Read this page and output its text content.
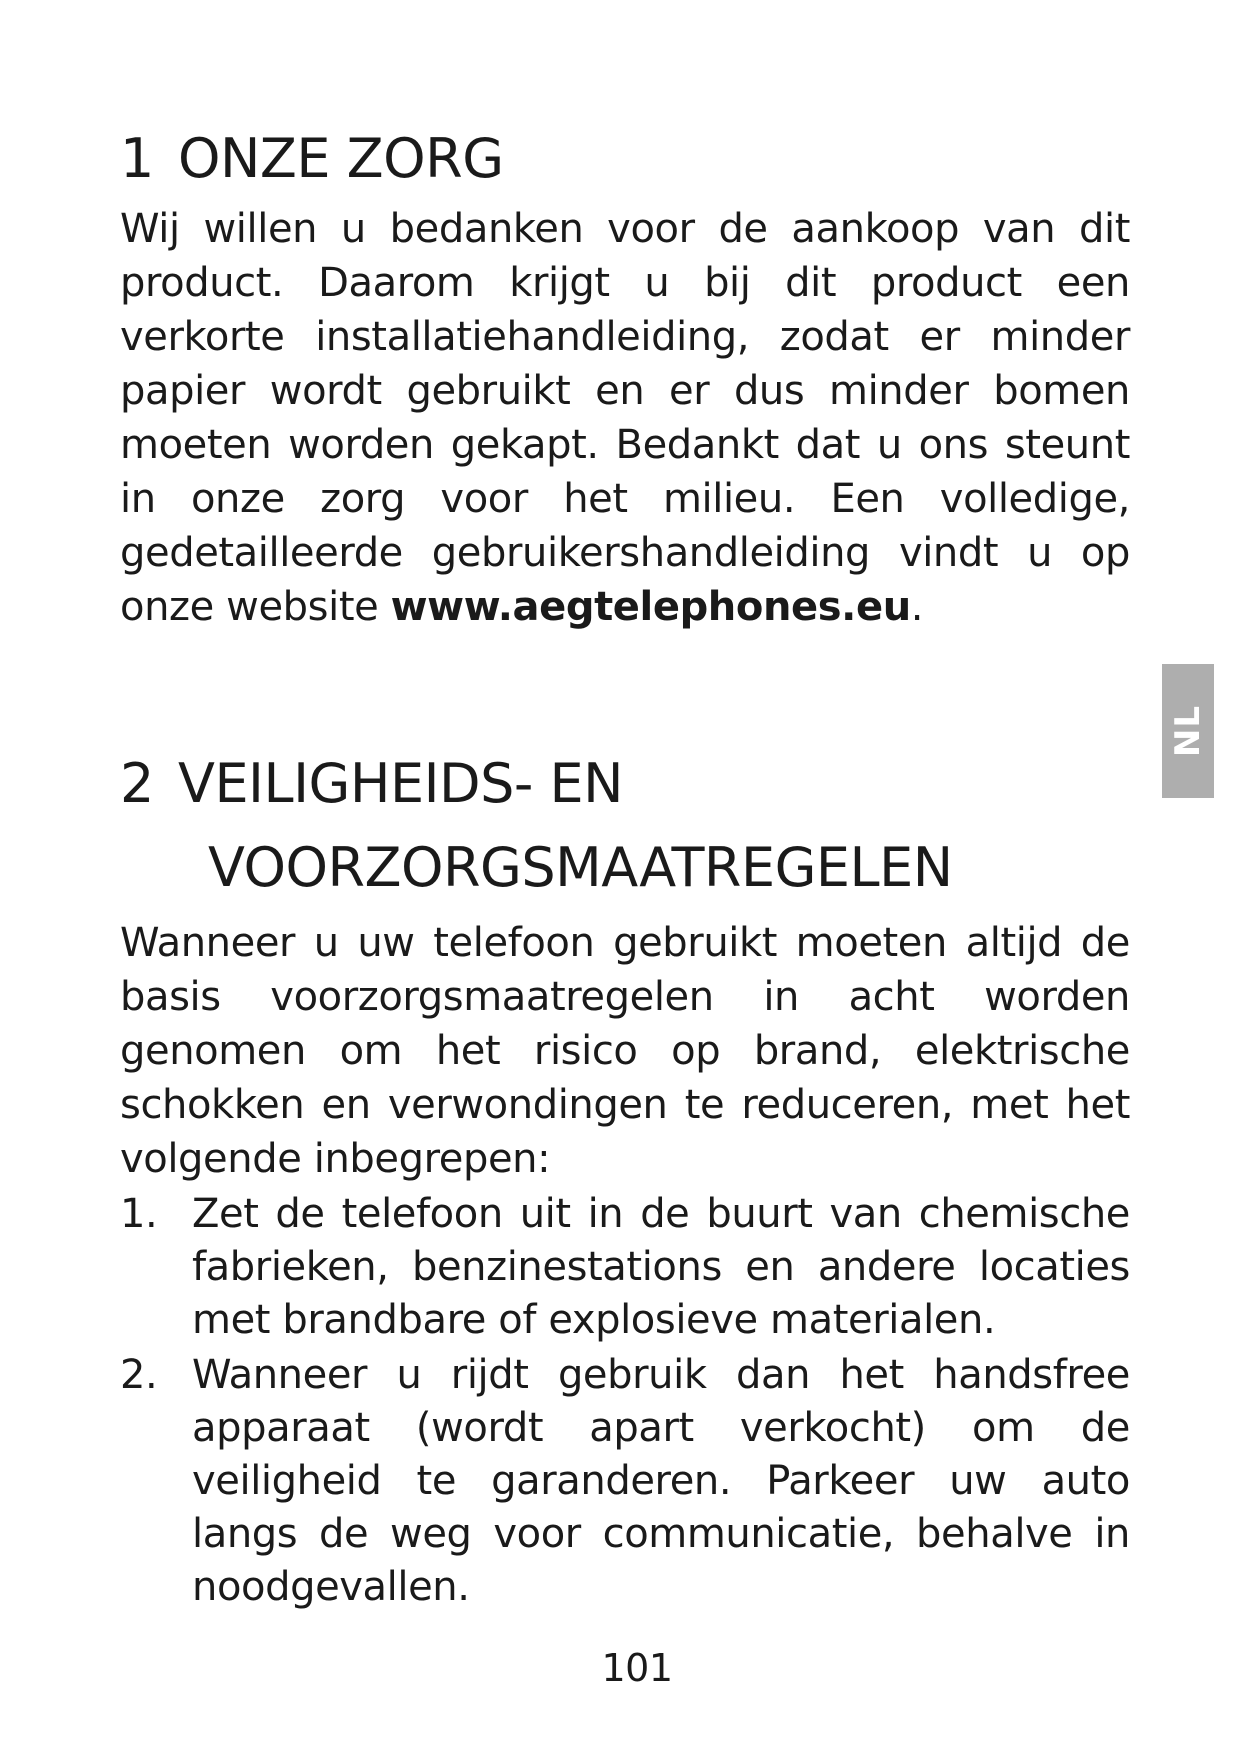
1 ONZE ZORG

Wij willen u bedanken voor de aankoop van dit product. Daarom krijgt u bij dit product een verkorte installatiehandleiding, zodat er minder papier wordt gebruikt en er dus minder bomen moeten worden gekapt. Bedankt dat u ons steunt in onze zorg voor het milieu. Een volledige, gedetailleerde gebruikershandleiding vindt u op onze website www.aegtelephones.eu.

2 VEILIGHEIDS- EN VOORZORGSMAATREGELEN

Wanneer u uw telefoon gebruikt moeten altijd de basis voorzorgsmaatregelen in acht worden genomen om het risico op brand, elektrische schokken en verwondingen te reduceren, met het volgende inbegrepen:

1. Zet de telefoon uit in de buurt van chemische fabrieken, benzinestations en andere locaties met brandbare of explosieve materialen.
2. Wanneer u rijdt gebruik dan het handsfree apparaat (wordt apart verkocht) om de veiligheid te garanderen. Parkeer uw auto langs de weg voor communicatie, behalve in noodgevallen.
NL
101
